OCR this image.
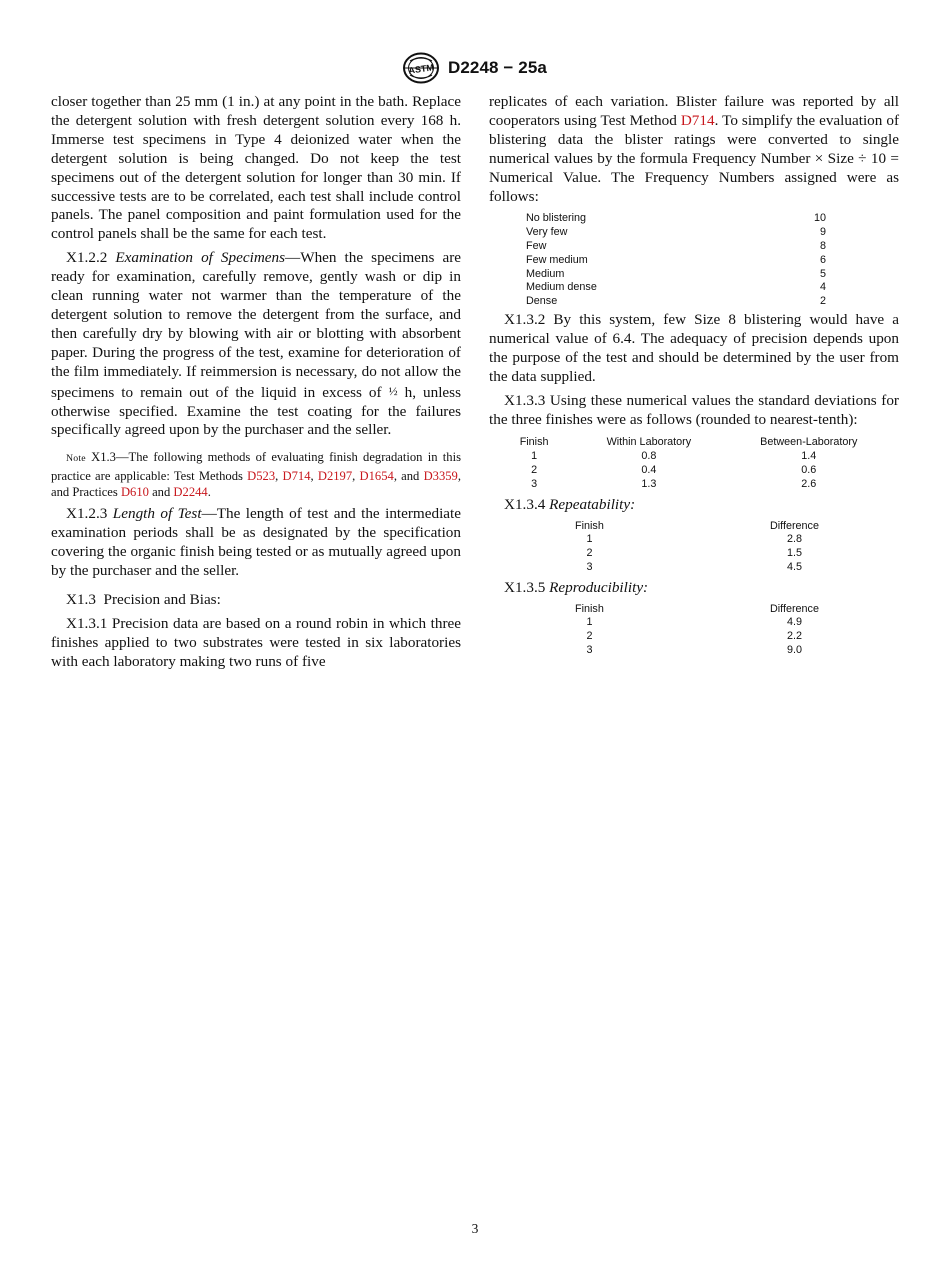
ASTM D2248 − 25a

closer together than 25 mm (1 in.) at any point in the bath. Replace the detergent solution with fresh detergent solution every 168 h. Immerse test specimens in Type 4 deionized water when the detergent solution is being changed. Do not keep the test specimens out of the detergent solution for longer than 30 min. If successive tests are to be correlated, each test shall include control panels. The panel composition and paint formulation used for the control panels shall be the same for each test.

X1.2.2 Examination of Specimens—When the specimens are ready for examination, carefully remove, gently wash or dip in clean running water not warmer than the temperature of the detergent solution to remove the detergent from the surface, and then carefully dry by blowing with air or blotting with absorbent paper. During the progress of the test, examine for deterioration of the film immediately. If reimmersion is necessary, do not allow the specimens to remain out of the liquid in excess of ½ h, unless otherwise specified. Examine the test coating for the failures specifically agreed upon by the purchaser and the seller.

Note X1.3—The following methods of evaluating finish degradation in this practice are applicable: Test Methods D523, D714, D2197, D1654, and D3359, and Practices D610 and D2244.

X1.2.3 Length of Test—The length of test and the intermediate examination periods shall be as designated by the specification covering the organic finish being tested or as mutually agreed upon by the purchaser and the seller.

X1.3  Precision and Bias:

X1.3.1 Precision data are based on a round robin in which three finishes applied to two substrates were tested in six laboratories with each laboratory making two runs of five

replicates of each variation. Blister failure was reported by all cooperators using Test Method D714. To simplify the evaluation of blistering data the blister ratings were converted to single numerical values by the formula Frequency Number × Size ÷ 10 = Numerical Value. The Frequency Numbers assigned were as follows:

No blistering	10
Very few	9
Few	8
Few medium	6
Medium	5
Medium dense	4
Dense	2

X1.3.2 By this system, few Size 8 blistering would have a numerical value of 6.4. The adequacy of precision depends upon the purpose of the test and should be determined by the user from the data supplied.

X1.3.3 Using these numerical values the standard deviations for the three finishes were as follows (rounded to nearest-tenth):

Finish	Within Laboratory	Between-Laboratory
1	0.8	1.4
2	0.4	0.6
3	1.3	2.6

X1.3.4 Repeatability:

Finish	Difference
1	2.8
2	1.5
3	4.5

X1.3.5 Reproducibility:

Finish	Difference
1	4.9
2	2.2
3	9.0
3
